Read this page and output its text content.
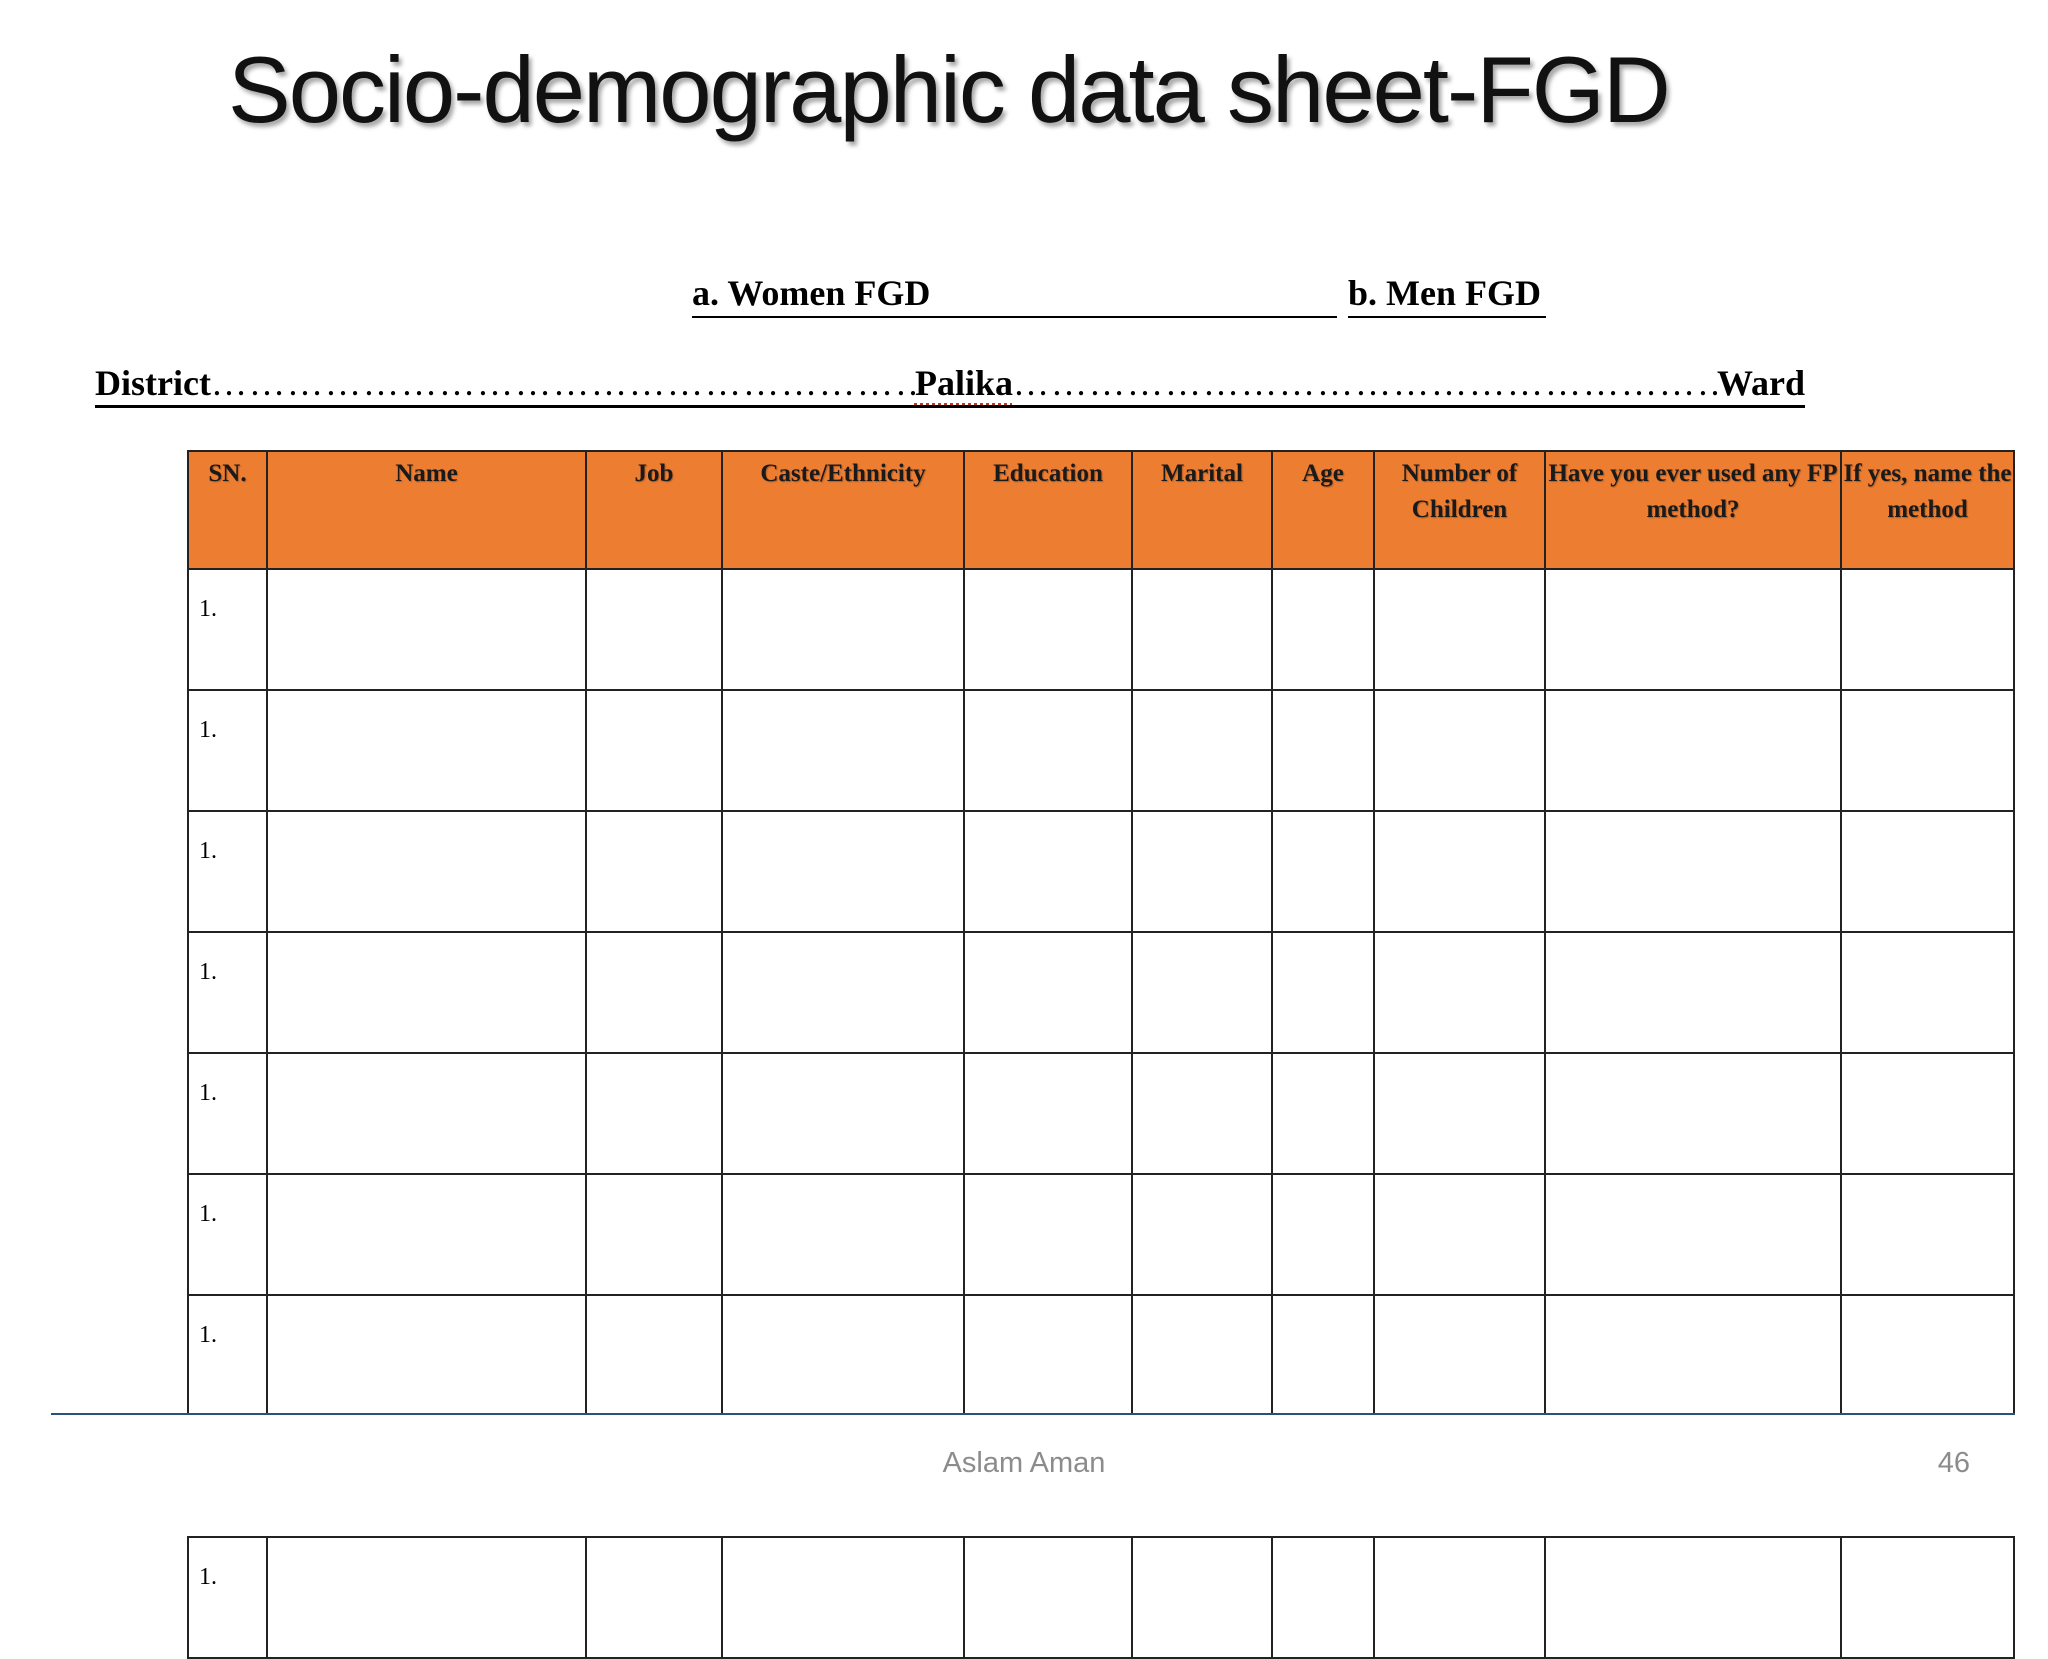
Socio-demographic data sheet-FGD
a. Women FGD	b. Men FGD
District ……………………………………………………………………………………………………	Palika ……………………………………………………………………………………………………	Ward
SN.	Name	Job	Caste/Ethnicity	Education	Marital	Age	Number of Children	Have you ever used any FP method?	If yes, name the method
1.									
1.									
1.									
1.									
1.									
1.									
1.									

1.									
Aslam Aman	46
